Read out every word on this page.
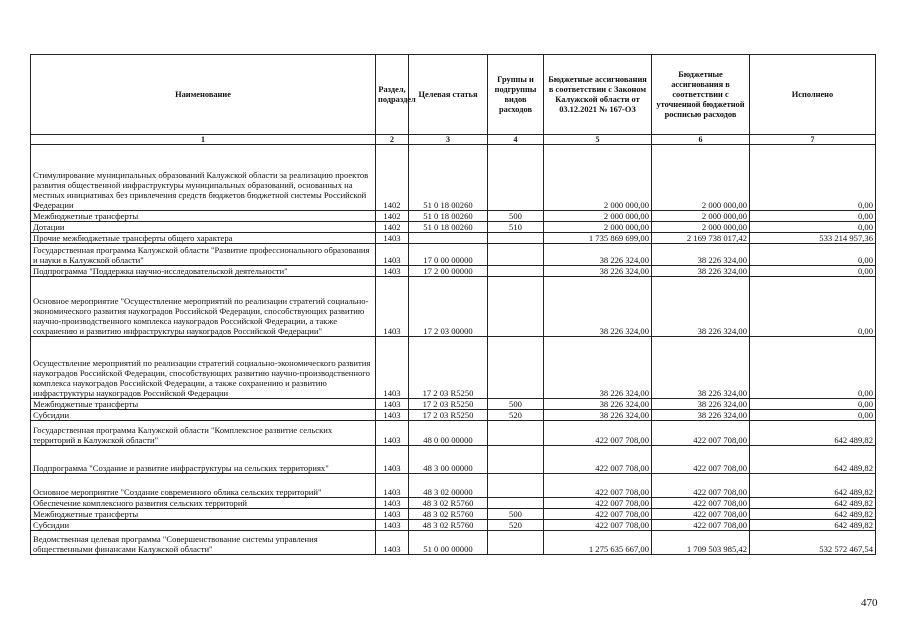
Наименование	Раздел, подраздел	Целевая статья	Группы и подгруппы видов расходов	Бюджетные ассигнования в соответствии с Законом Калужской области от 03.12.2021 № 167-ОЗ	Бюджетные ассигнования в соответствии с уточненной бюджетной росписью расходов	Исполнено
1	2	3	4	5	6	7
Стимулирование муниципальных образований Калужской области за реализацию проектов развития общественной инфраструктуры муниципальных образований, основанных на местных инициативах без привлечения средств бюджетов бюджетной системы Российской Федерации	1402	51 0 18 00260		2 000 000,00	2 000 000,00	0,00
Межбюджетные трансферты	1402	51 0 18 00260	500	2 000 000,00	2 000 000,00	0,00
Дотации	1402	51 0 18 00260	510	2 000 000,00	2 000 000,00	0,00
Прочие межбюджетные трансферты общего характера	1403			1 735 869 699,00	2 169 738 017,42	533 214 957,36
Государственная программа Калужской области "Развитие профессионального образования и науки в Калужской области"	1403	17 0 00 00000		38 226 324,00	38 226 324,00	0,00
Подпрограмма "Поддержка научно-исследовательской деятельности"	1403	17 2 00 00000		38 226 324,00	38 226 324,00	0,00
Основное мероприятие "Осуществление мероприятий по реализации стратегий социально-экономического развития наукоградов Российской Федерации, способствующих развитию научно-производственного комплекса наукоградов Российской Федерации, а также сохранению и развитию инфраструктуры наукоградов Российской Федерации"	1403	17 2 03 00000		38 226 324,00	38 226 324,00	0,00
Осуществление мероприятий по реализации стратегий социально-экономического развития наукоградов Российской Федерации, способствующих развитию научно-производственного комплекса наукоградов Российской Федерации, а также сохранению и развитию инфраструктуры наукоградов Российской Федерации	1403	17 2 03 R5250		38 226 324,00	38 226 324,00	0,00
Межбюджетные трансферты	1403	17 2 03 R5250	500	38 226 324,00	38 226 324,00	0,00
Субсидии	1403	17 2 03 R5250	520	38 226 324,00	38 226 324,00	0,00
Государственная программа Калужской области "Комплексное развитие сельских территорий в Калужской области"	1403	48 0 00 00000		422 007 708,00	422 007 708,00	642 489,82
Подпрограмма "Создание и развитие инфраструктуры на сельских территориях"	1403	48 3 00 00000		422 007 708,00	422 007 708,00	642 489,82
Основное мероприятие "Создание современного облика сельских территорий"	1403	48 3 02 00000		422 007 708,00	422 007 708,00	642 489,82
Обеспечение комплексного развития сельских территорий	1403	48 3 02 R5760		422 007 708,00	422 007 708,00	642 489,82
Межбюджетные трансферты	1403	48 3 02 R5760	500	422 007 708,00	422 007 708,00	642 489,82
Субсидии	1403	48 3 02 R5760	520	422 007 708,00	422 007 708,00	642 489,82
Ведомственная целевая программа "Совершенствование системы управления общественными финансами Калужской области"	1403	51 0 00 00000		1 275 635 667,00	1 709 503 985,42	532 572 467,54
470
